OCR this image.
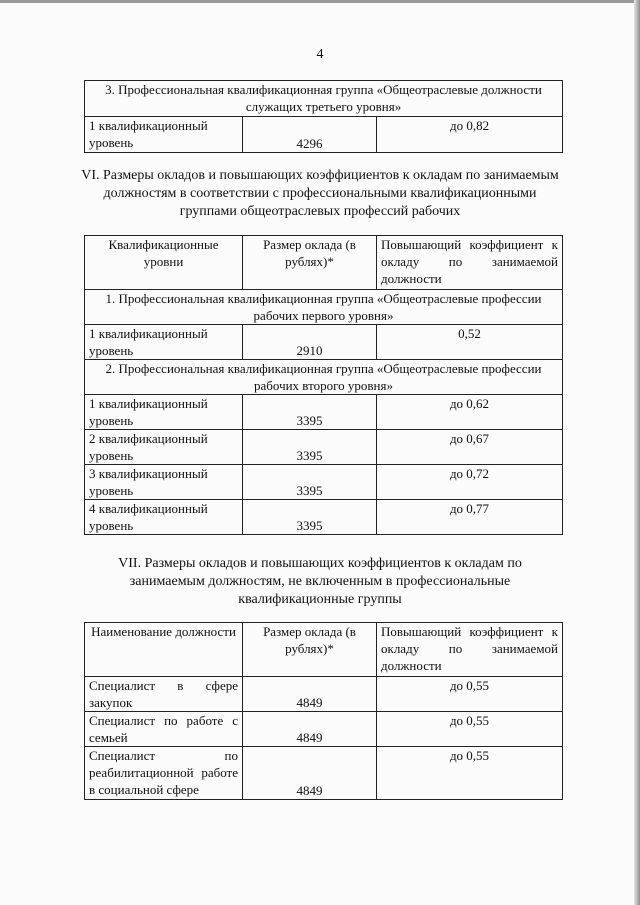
4
3. Профессиональная квалификационная группа «Общеотраслевые должности служащих третьего уровня»
1 квалификационный уровень	4296	до 0,82
VI. Размеры окладов и повышающих коэффициентов к окладам по занимаемым должностям в соответствии с профессиональными квалификационными группами общеотраслевых профессий рабочих
Квалификационные уровни	Размер оклада (в рублях)*	Повышающий коэффициент к окладу по занимаемой должности
1. Профессиональная квалификационная группа «Общеотраслевые профессии рабочих первого уровня»		
1 квалификационный уровень	2910	0,52
2. Профессиональная квалификационная группа «Общеотраслевые профессии рабочих второго уровня»		
1 квалификационный уровень	3395	до 0,62
2 квалификационный уровень	3395	до 0,67
3 квалификационный уровень	3395	до 0,72
4 квалификационный уровень	3395	до 0,77
VII. Размеры окладов и повышающих коэффициентов к окладам по занимаемым должностям, не включенным в профессиональные квалификационные группы
Наименование должности	Размер оклада (в рублях)*	Повышающий коэффициент к окладу по занимаемой должности
Специалист в сфере закупок	4849	до 0,55
Специалист по работе с семьей	4849	до 0,55
Специалист по реабилитационной работе в социальной сфере	4849	до 0,55
